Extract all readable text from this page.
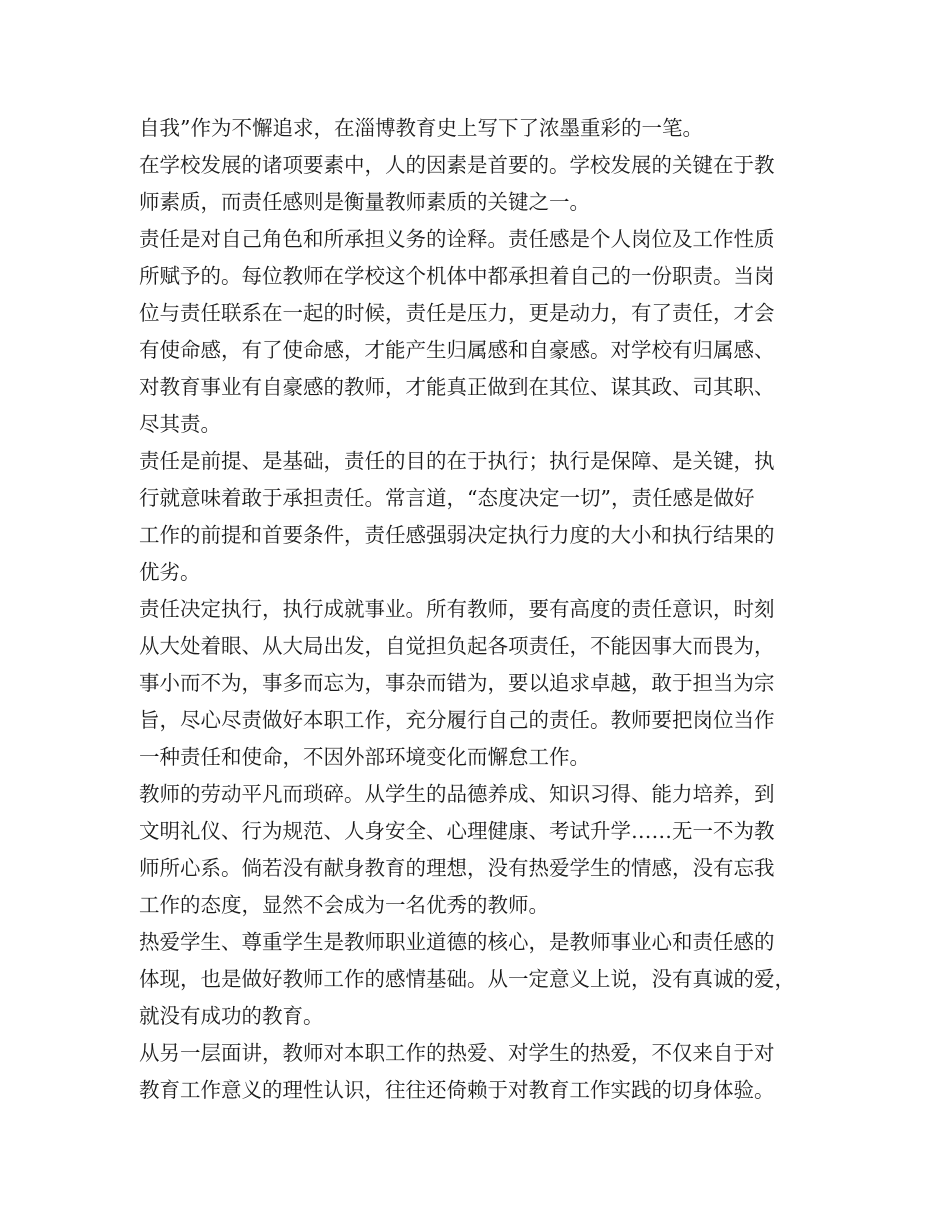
自我”作为不懈追求，在淄博教育史上写下了浓墨重彩的一笔。

在学校发展的诸项要素中，人的因素是首要的。学校发展的关键在于教
师素质，而责任感则是衡量教师素质的关键之一。

责任是对自己角色和所承担义务的诠释。责任感是个人岗位及工作性质
所赋予的。每位教师在学校这个机体中都承担着自己的一份职责。当岗
位与责任联系在一起的时候，责任是压力，更是动力，有了责任，才会
有使命感，有了使命感，才能产生归属感和自豪感。对学校有归属感、
对教育事业有自豪感的教师，才能真正做到在其位、谋其政、司其职、
尽其责。

责任是前提、是基础，责任的目的在于执行；执行是保障、是关键，执
行就意味着敢于承担责任。常言道，“态度决定一切”，责任感是做好
工作的前提和首要条件，责任感强弱决定执行力度的大小和执行结果的
优劣。

责任决定执行，执行成就事业。所有教师，要有高度的责任意识，时刻
从大处着眼、从大局出发，自觉担负起各项责任，不能因事大而畏为，
事小而不为，事多而忘为，事杂而错为，要以追求卓越，敢于担当为宗
旨，尽心尽责做好本职工作，充分履行自己的责任。教师要把岗位当作
一种责任和使命，不因外部环境变化而懈怠工作。

教师的劳动平凡而琐碎。从学生的品德养成、知识习得、能力培养，到
文明礼仪、行为规范、人身安全、心理健康、考试升学……无一不为教
师所心系。倘若没有献身教育的理想，没有热爱学生的情感，没有忘我
工作的态度，显然不会成为一名优秀的教师。

热爱学生、尊重学生是教师职业道德的核心，是教师事业心和责任感的
体现，也是做好教师工作的感情基础。从一定意义上说，没有真诚的爱，
就没有成功的教育。

从另一层面讲，教师对本职工作的热爱、对学生的热爱，不仅来自于对
教育工作意义的理性认识，往往还倚赖于对教育工作实践的切身体验。
